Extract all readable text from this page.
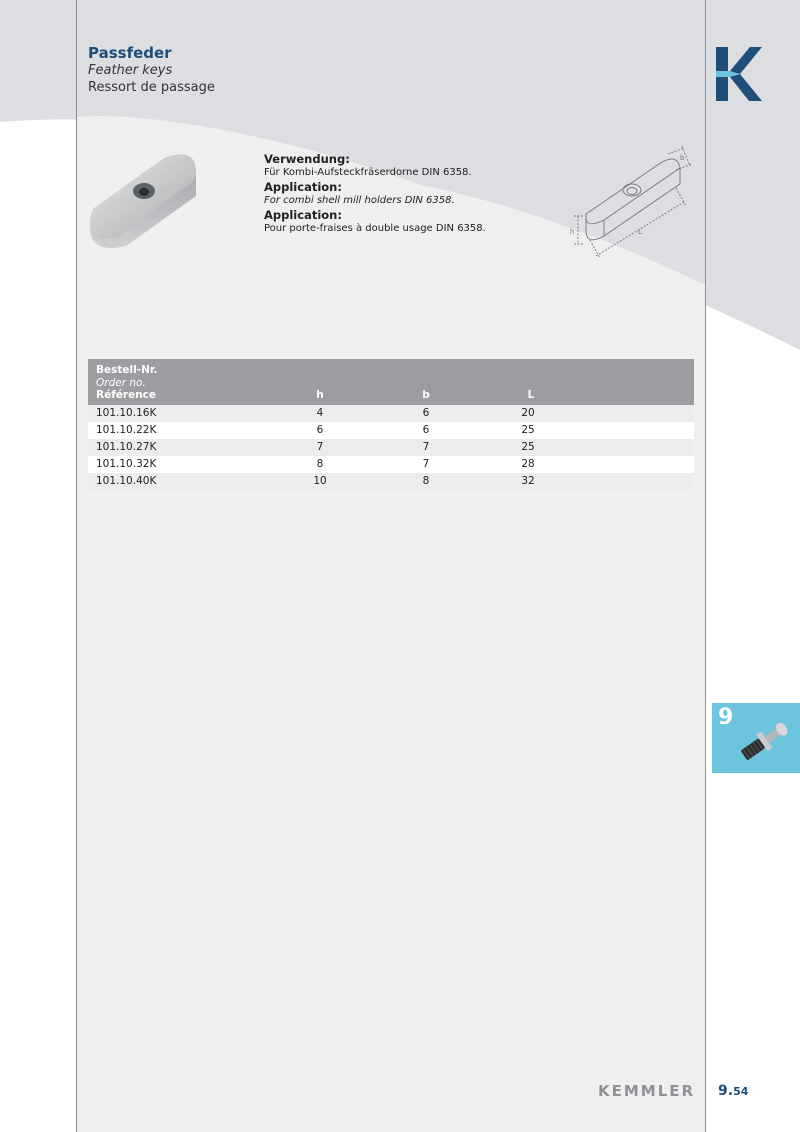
Passfeder
Feather keys
Ressort de passage
Verwendung:
Für Kombi-Aufsteckfräserdorne DIN 6358.
Application:
For combi shell mill holders DIN 6358.
Application:
Pour porte-fraises à double usage DIN 6358.
b
L
h
Bestell-Nr.
Order no.
Référence	h	b	L
101.10.16K	4	6	20
101.10.22K	6	6	25
101.10.27K	7	7	25
101.10.32K	8	7	28
101.10.40K	10	8	32
9
KEMMLER 9.54
